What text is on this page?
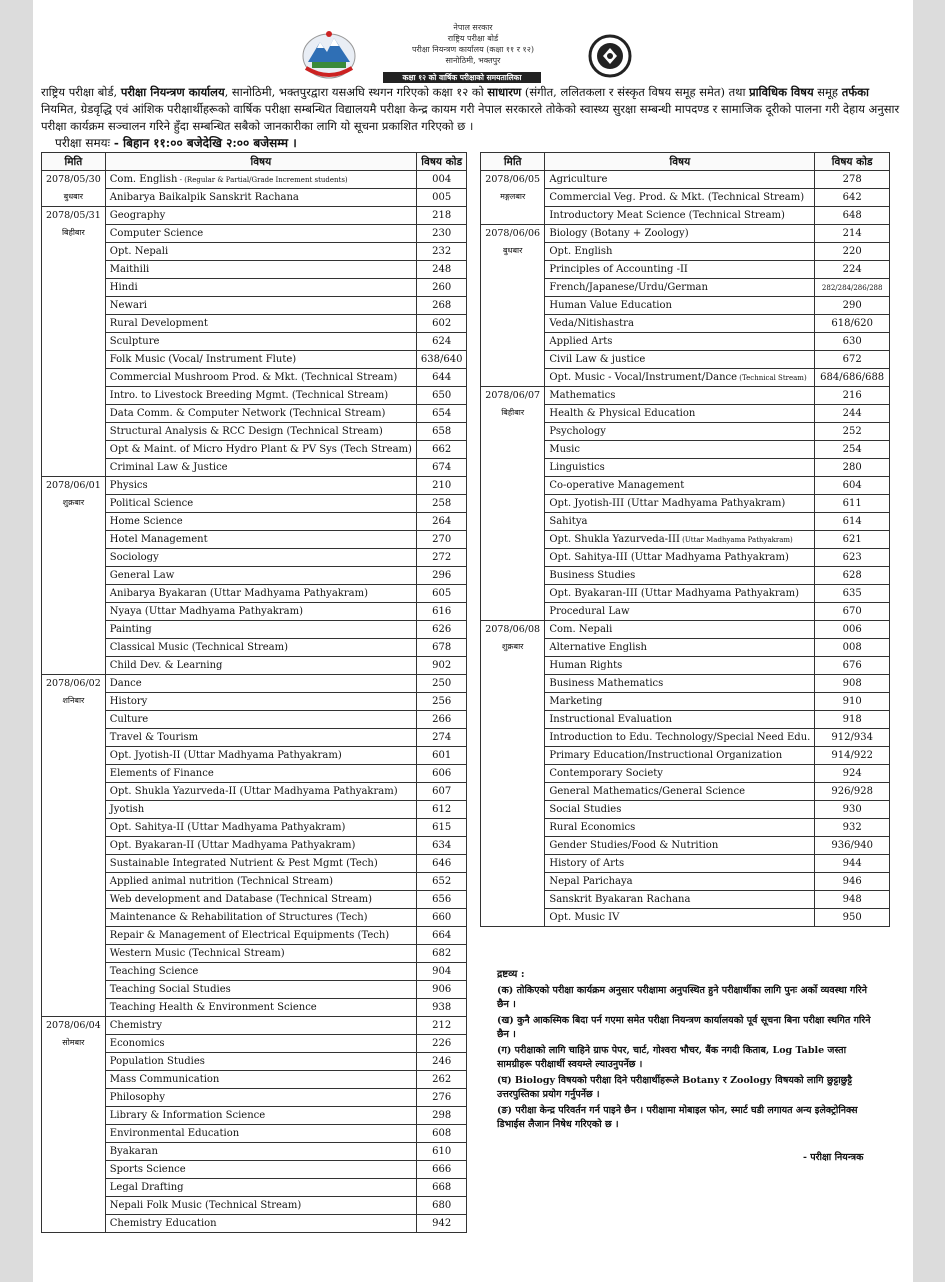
नेपाल सरकार
राष्ट्रिय परीक्षा बोर्ड
परीक्षा नियन्त्रण कार्यालय (कक्षा ११ र १२)
सानोठिमी, भक्तपुर
कक्षा १२ को वार्षिक परीक्षाको समयतालिका
राष्ट्रिय परीक्षा बोर्ड, परीक्षा नियन्त्रण कार्यालय, सानोठिमी, भक्तपुरद्वारा यसअघि स्थगन गरिएको कक्षा १२ को साधारण (संगीत, ललितकला र संस्कृत विषय समूह समेत) तथा प्राविधिक विषय समूह तर्फका नियमित, ग्रेडवृद्धि एवं आंशिक परीक्षार्थीहरूको वार्षिक परीक्षा सम्बन्धित विद्यालयमै परीक्षा केन्द्र कायम गरी नेपाल सरकारले तोकेको स्वास्थ्य सुरक्षा सम्बन्धी मापदण्ड र सामाजिक दूरीको पालना गरी देहाय अनुसार परीक्षा कार्यक्रम सञ्चालन गरिने हुँदा सम्बन्धित सबैको जानकारीका लागि यो सूचना प्रकाशित गरिएको छ ।
परीक्षा समयः - बिहान ११:०० बजेदेखि २:०० बजेसम्म ।
मिति	विषय	विषय कोड
2078/05/30
बुधबार	Com. English - (Regular & Partial/Grade Increment students)	004
	Anibarya Baikalpik Sanskrit Rachana	005
2078/05/31
बिहीबार	Geography	218
	Computer Science	230
	Opt. Nepali	232
	Maithili	248
	Hindi	260
	Newari	268
	Rural Development	602
	Sculpture	624
	Folk Music (Vocal/ Instrument Flute)	638/640
	Commercial Mushroom Prod. & Mkt. (Technical Stream)	644
	Intro. to Livestock Breeding Mgmt. (Technical Stream)	650
	Data Comm. & Computer Network (Technical Stream)	654
	Structural Analysis & RCC Design (Technical Stream)	658
	Opt & Maint. of Micro Hydro Plant & PV Sys (Tech Stream)	662
	Criminal Law & Justice	674
2078/06/01
शुक्रबार	Physics	210
	Political Science	258
	Home Science	264
	Hotel Management	270
	Sociology	272
	General Law	296
	Anibarya Byakaran (Uttar Madhyama Pathyakram)	605
	Nyaya (Uttar Madhyama Pathyakram)	616
	Painting	626
	Classical Music (Technical Stream)	678
	Child Dev. & Learning	902
2078/06/02
शनिबार	Dance	250
	History	256
	Culture	266
	Travel & Tourism	274
	Opt. Jyotish-II (Uttar Madhyama Pathyakram)	601
	Elements of Finance	606
	Opt. Shukla Yazurveda-II (Uttar Madhyama Pathyakram)	607
	Jyotish	612
	Opt. Sahitya-II (Uttar Madhyama Pathyakram)	615
	Opt. Byakaran-II (Uttar Madhyama Pathyakram)	634
	Sustainable Integrated Nutrient & Pest Mgmt (Tech)	646
	Applied animal nutrition (Technical Stream)	652
	Web development and Database (Technical Stream)	656
	Maintenance & Rehabilitation of Structures (Tech)	660
	Repair & Management of Electrical Equipments (Tech)	664
	Western Music (Technical Stream)	682
	Teaching Science	904
	Teaching Social Studies	906
	Teaching Health & Environment Science	938
2078/06/04
सोमबार	Chemistry	212
	Economics	226
	Population Studies	246
	Mass Communication	262
	Philosophy	276
	Library & Information Science	298
	Environmental Education	608
	Byakaran	610
	Sports Science	666
	Legal Drafting	668
	Nepali Folk Music (Technical Stream)	680
	Chemistry Education	942
मिति	विषय	विषय कोड
2078/06/05
मङ्गलबार	Agriculture	278
	Commercial Veg. Prod. & Mkt. (Technical Stream)	642
	Introductory Meat Science (Technical Stream)	648
2078/06/06
बुधबार	Biology (Botany + Zoology)	214
	Opt. English	220
	Principles of Accounting -II	224
	French/Japanese/Urdu/German	282/284/286/288
	Human Value Education	290
	Veda/Nitishastra	618/620
	Applied Arts	630
	Civil Law & justice	672
	Opt. Music - Vocal/Instrument/Dance (Technical Stream)	684/686/688
2078/06/07
बिहीबार	Mathematics	216
	Health & Physical Education	244
	Psychology	252
	Music	254
	Linguistics	280
	Co-operative Management	604
	Opt. Jyotish-III (Uttar Madhyama Pathyakram)	611
	Sahitya	614
	Opt. Shukla Yazurveda-III (Uttar Madhyama Pathyakram)	621
	Opt. Sahitya-III (Uttar Madhyama Pathyakram)	623
	Business Studies	628
	Opt. Byakaran-III (Uttar Madhyama Pathyakram)	635
	Procedural Law	670
2078/06/08
शुक्रबार	Com. Nepali	006
	Alternative English	008
	Human Rights	676
	Business Mathematics	908
	Marketing	910
	Instructional Evaluation	918
	Introduction to Edu. Technology/Special Need Edu.	912/934
	Primary Education/Instructional Organization	914/922
	Contemporary Society	924
	General Mathematics/General Science	926/928
	Social Studies	930
	Rural Economics	932
	Gender Studies/Food & Nutrition	936/940
	History of Arts	944
	Nepal Parichaya	946
	Sanskrit Byakaran Rachana	948
	Opt. Music IV	950
द्रष्टव्य :
(क) तोकिएको परीक्षा कार्यक्रम अनुसार परीक्षामा अनुपस्थित हुने परीक्षार्थीका लागि पुनः अर्को व्यवस्था गरिने छैन ।
(ख) कुनै आकस्मिक बिदा पर्न गएमा समेत परीक्षा नियन्त्रण कार्यालयको पूर्व सूचना बिना परीक्षा स्थगित गरिने छैन ।
(ग) परीक्षाको लागि चाहिने ग्राफ पेपर, चार्ट, गोश्वरा भौचर, बैंक नगदी किताब, Log Table जस्ता सामग्रीहरू परीक्षार्थी स्वयम्ले ल्याउनुपर्नेछ ।
(घ) Biology विषयको परीक्षा दिने परीक्षार्थीहरूले Botany र Zoology विषयको लागि छुट्टाछुट्टै उत्तरपुस्तिका प्रयोग गर्नुपर्नेछ ।
(ङ) परीक्षा केन्द्र परिवर्तन गर्न पाइने छैन । परीक्षामा मोबाइल फोन, स्मार्ट घडी लगायत अन्य इलेक्ट्रोनिक्स डिभाईस लैजान निषेध गरिएको छ ।
- परीक्षा नियन्त्रक
